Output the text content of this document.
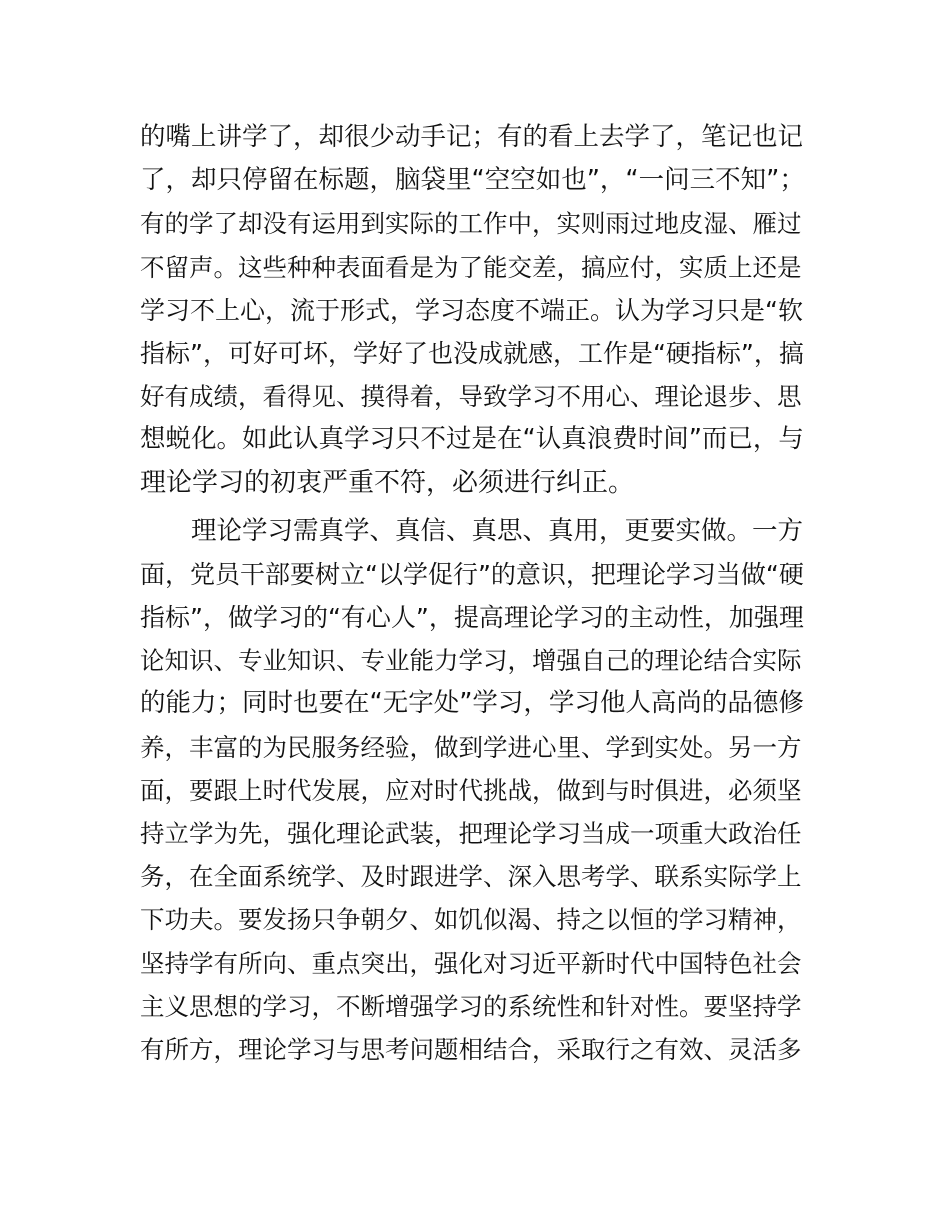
的嘴上讲学了，却很少动手记；有的看上去学了，笔记也记
了，却只停留在标题，脑袋里“空空如也”，“一问三不知”；
有的学了却没有运用到实际的工作中，实则雨过地皮湿、雁过
不留声。这些种种表面看是为了能交差，搞应付，实质上还是
学习不上心，流于形式，学习态度不端正。认为学习只是“软
指标”，可好可坏，学好了也没成就感，工作是“硬指标”，搞
好有成绩，看得见、摸得着，导致学习不用心、理论退步、思
想蜕化。如此认真学习只不过是在“认真浪费时间”而已，与
理论学习的初衷严重不符，必须进行纠正。
　　理论学习需真学、真信、真思、真用，更要实做。一方
面，党员干部要树立“以学促行”的意识，把理论学习当做“硬
指标”，做学习的“有心人”，提高理论学习的主动性，加强理
论知识、专业知识、专业能力学习，增强自己的理论结合实际
的能力；同时也要在“无字处”学习，学习他人高尚的品德修
养，丰富的为民服务经验，做到学进心里、学到实处。另一方
面，要跟上时代发展，应对时代挑战，做到与时俱进，必须坚
持立学为先，强化理论武装，把理论学习当成一项重大政治任
务，在全面系统学、及时跟进学、深入思考学、联系实际学上
下功夫。要发扬只争朝夕、如饥似渴、持之以恒的学习精神，
坚持学有所向、重点突出，强化对习近平新时代中国特色社会
主义思想的学习，不断增强学习的系统性和针对性。要坚持学
有所方，理论学习与思考问题相结合，采取行之有效、灵活多
